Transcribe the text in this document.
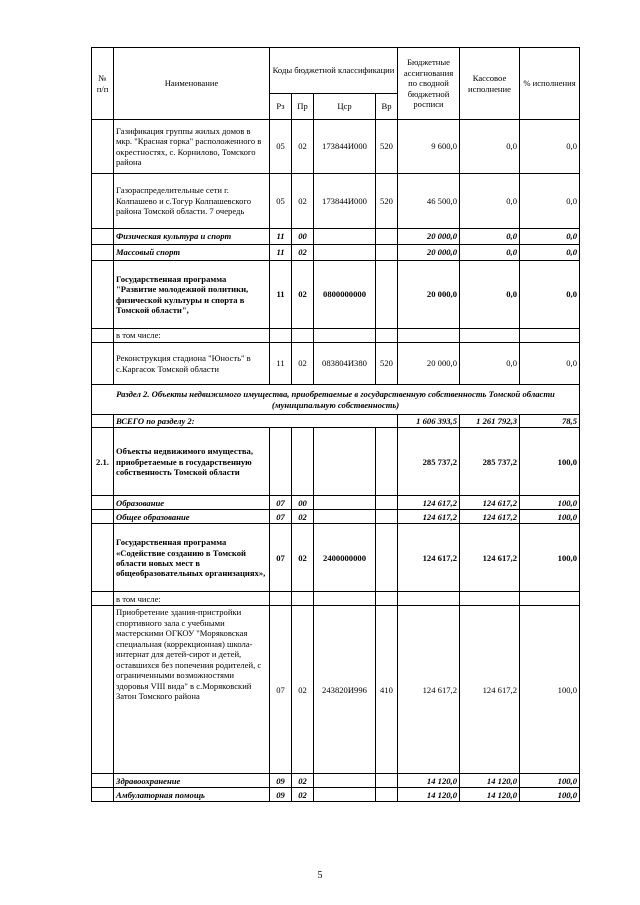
№ п/п	Наименование	Коды бюджетной классификации				Бюджетные ассигнования по сводной бюджетной росписи	Кассовое исполнение	% исполнения
		Рз	Пр	Цср	Вр			
	Газификация группы жилых домов в мкр. "Красная горка" расположенного в окрестностях, с. Корнилово, Томского района	05	02	173844И000	520	9 600,0	0,0	0,0
	Газораспределительные сети г. Колпашево и с.Тогур Колпашевского района Томской области. 7 очередь	05	02	173844И000	520	46 500,0	0,0	0,0
	Физическая культура и спорт	11	00			20 000,0	0,0	0,0
	Массовый спорт	11	02			20 000,0	0,0	0,0
	Государственная программа "Развитие молодежной политики, физической культуры и спорта в Томской области",	11	02	0800000000		20 000,0	0,0	0,0
	в том числе:							
	Реконструкция стадиона "Юность" в с.Каргасок Томской области	11	02	083804И380	520	20 000,0	0,0	0,0
Раздел 2. Объекты недвижимого имущества, приобретаемые в государственную собственность Томской области (муниципальную собственность)								
	ВСЕГО по разделу 2:					1 606 393,5	1 261 792,3	78,5
2.1.	Объекты недвижимого имущества, приобретаемые в государственную собственность Томской области					285 737,2	285 737,2	100,0
	Образование	07	00			124 617,2	124 617,2	100,0
	Общее образование	07	02			124 617,2	124 617,2	100,0
	Государственная программа «Содействие созданию в Томской области новых мест в общеобразовательных организациях»,	07	02	2400000000		124 617,2	124 617,2	100,0
	в том числе:							
	Приобретение здания-пристройки спортивного зала с учебными мастерскими ОГКОУ "Моряковская специальная (коррекционная) школа-интернат для детей-сирот и детей, оставшихся без попечения родителей, с ограниченными возможностями здоровья VIII вида" в с.Моряковский Затон Томского района	07	02	243820И996	410	124 617,2	124 617,2	100,0
	Здравоохранение	09	02			14 120,0	14 120,0	100,0
	Амбулаторная помощь	09	02			14 120,0	14 120,0	100,0
5
